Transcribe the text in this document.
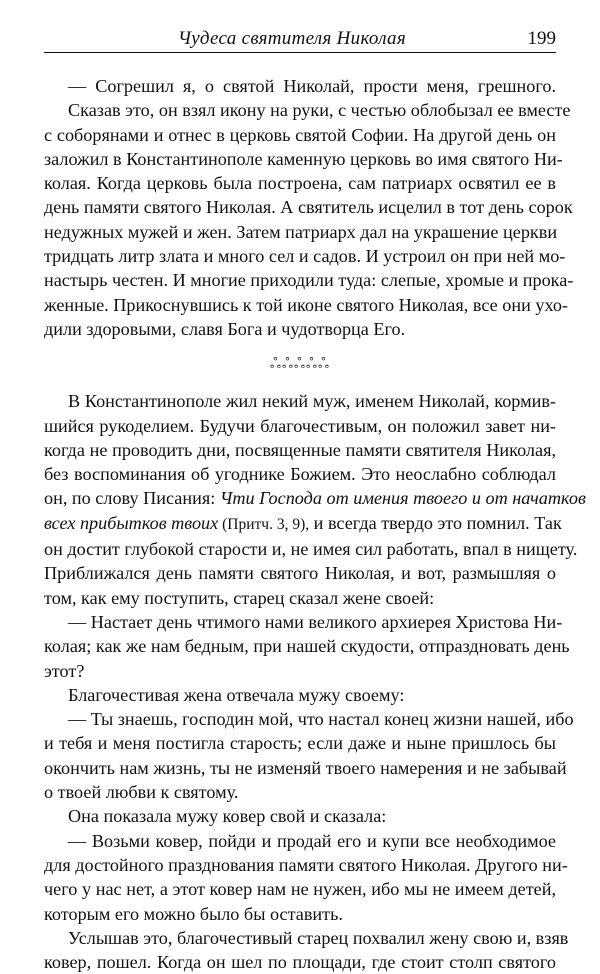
Чудеса святителя Николая	199
— Согрешил я, о святой Николай, прости меня, грешного.
Сказав это, он взял икону на руки, с честью облобызал ее вместе
с соборянами и отнес в церковь святой Софии. На другой день он
заложил в Константинополе каменную церковь во имя святого Ни-
колая. Когда церковь была построена, сам патриарх освятил ее в
день памяти святого Николая. А святитель исцелил в тот день сорок
недужных мужей и жен. Затем патриарх дал на украшение церкви
тридцать литр злата и много сел и садов. И устроил он при ней мо-
настырь честен. И многие приходили туда: слепые, хромые и прока-
женные. Прикоснувшись к той иконе святого Николая, все они ухо-
дили здоровыми, славя Бога и чудотворца Его.
ஃஃஃஃஃ
В Константинополе жил некий муж, именем Николай, кормив-
шийся рукоделием. Будучи благочестивым, он положил завет ни-
когда не проводить дни, посвященные памяти святителя Николая,
без воспоминания об угоднике Божием. Это неослабно соблюдал
он, по слову Писания: Чти Господа от имения твоего и от начатков
всех прибытков твоих (Притч. 3, 9), и всегда твердо это помнил. Так
он достит глубокой старости и, не имея сил работать, впал в нищету.
Приближался день памяти святого Николая, и вот, размышляя о
том, как ему поступить, старец сказал жене своей:
— Настает день чтимого нами великого архиерея Христова Ни-
колая; как же нам бедным, при нашей скудости, отпраздновать день
этот?
Благочестивая жена отвечала мужу своему:
— Ты знаешь, господин мой, что настал конец жизни нашей, ибо
и тебя и меня постигла старость; если даже и ныне пришлось бы
окончить нам жизнь, ты не изменяй твоего намерения и не забывай
о твоей любви к святому.
Она показала мужу ковер свой и сказала:
— Возьми ковер, пойди и продай его и купи все необходимое
для достойного празднования памяти святого Николая. Другого ни-
чего у нас нет, а этот ковер нам не нужен, ибо мы не имеем детей,
которым его можно было бы оставить.
Услышав это, благочестивый старец похвалил жену свою и, взяв
ковер, пошел. Когда он шел по площади, где стоит столп святого
